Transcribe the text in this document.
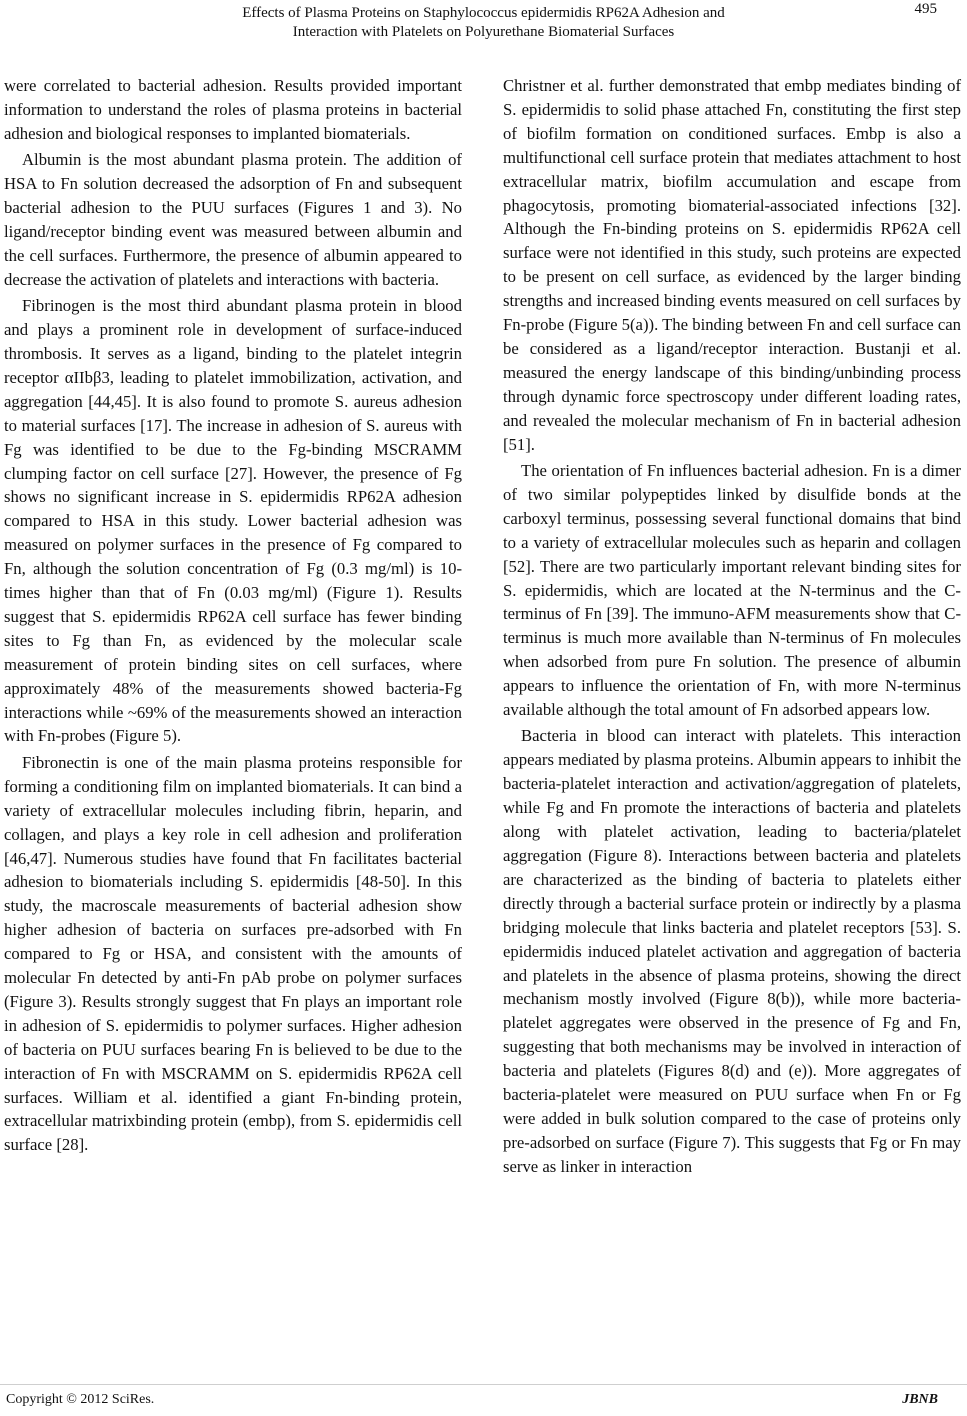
Effects of Plasma Proteins on Staphylococcus epidermidis RP62A Adhesion and
Interaction with Platelets on Polyurethane Biomaterial Surfaces
495

were correlated to bacterial adhesion. Results provided important information to understand the roles of plasma proteins in bacterial adhesion and biological responses to implanted biomaterials.

Albumin is the most abundant plasma protein. The addition of HSA to Fn solution decreased the adsorption of Fn and subsequent bacterial adhesion to the PUU surfaces (Figures 1 and 3). No ligand/receptor binding event was measured between albumin and the cell surfaces. Furthermore, the presence of albumin appeared to decrease the activation of platelets and interactions with bacteria.

Fibrinogen is the most third abundant plasma protein in blood and plays a prominent role in development of surface-induced thrombosis. It serves as a ligand, binding to the platelet integrin receptor αIIbβ3, leading to platelet immobilization, activation, and aggregation [44,45]. It is also found to promote S. aureus adhesion to material surfaces [17]. The increase in adhesion of S. aureus with Fg was identified to be due to the Fg-binding MSCRAMM clumping factor on cell surface [27]. However, the presence of Fg shows no significant increase in S. epidermidis RP62A adhesion compared to HSA in this study. Lower bacterial adhesion was measured on polymer surfaces in the presence of Fg compared to Fn, although the solution concentration of Fg (0.3 mg/ml) is 10-times higher than that of Fn (0.03 mg/ml) (Figure 1). Results suggest that S. epidermidis RP62A cell surface has fewer binding sites to Fg than Fn, as evidenced by the molecular scale measurement of protein binding sites on cell surfaces, where approximately 48% of the measurements showed bacteria-Fg interactions while ~69% of the measurements showed an interaction with Fn-probes (Figure 5).

Fibronectin is one of the main plasma proteins responsible for forming a conditioning film on implanted biomaterials. It can bind a variety of extracellular molecules including fibrin, heparin, and collagen, and plays a key role in cell adhesion and proliferation [46,47]. Numerous studies have found that Fn facilitates bacterial adhesion to biomaterials including S. epidermidis [48-50]. In this study, the macroscale measurements of bacterial adhesion show higher adhesion of bacteria on surfaces pre-adsorbed with Fn compared to Fg or HSA, and consistent with the amounts of molecular Fn detected by anti-Fn pAb probe on polymer surfaces (Figure 3). Results strongly suggest that Fn plays an important role in adhesion of S. epidermidis to polymer surfaces. Higher adhesion of bacteria on PUU surfaces bearing Fn is believed to be due to the interaction of Fn with MSCRAMM on S. epidermidis RP62A cell surfaces. William et al. identified a giant Fn-binding protein, extracellular matrixbinding protein (embp), from S. epidermidis cell surface [28].

Christner et al. further demonstrated that embp mediates binding of S. epidermidis to solid phase attached Fn, constituting the first step of biofilm formation on conditioned surfaces. Embp is also a multifunctional cell surface protein that mediates attachment to host extracellular matrix, biofilm accumulation and escape from phagocytosis, promoting biomaterial-associated infections [32]. Although the Fn-binding proteins on S. epidermidis RP62A cell surface were not identified in this study, such proteins are expected to be present on cell surface, as evidenced by the larger binding strengths and increased binding events measured on cell surfaces by Fn-probe (Figure 5(a)). The binding between Fn and cell surface can be considered as a ligand/receptor interaction. Bustanji et al. measured the energy landscape of this binding/unbinding process through dynamic force spectroscopy under different loading rates, and revealed the molecular mechanism of Fn in bacterial adhesion [51].

The orientation of Fn influences bacterial adhesion. Fn is a dimer of two similar polypeptides linked by disulfide bonds at the carboxyl terminus, possessing several functional domains that bind to a variety of extracellular molecules such as heparin and collagen [52]. There are two particularly important relevant binding sites for S. epidermidis, which are located at the N-terminus and the C-terminus of Fn [39]. The immuno-AFM measurements show that C-terminus is much more available than N-terminus of Fn molecules when adsorbed from pure Fn solution. The presence of albumin appears to influence the orientation of Fn, with more N-terminus available although the total amount of Fn adsorbed appears low.

Bacteria in blood can interact with platelets. This interaction appears mediated by plasma proteins. Albumin appears to inhibit the bacteria-platelet interaction and activation/aggregation of platelets, while Fg and Fn promote the interactions of bacteria and platelets along with platelet activation, leading to bacteria/platelet aggregation (Figure 8). Interactions between bacteria and platelets are characterized as the binding of bacteria to platelets either directly through a bacterial surface protein or indirectly by a plasma bridging molecule that links bacteria and platelet receptors [53]. S. epidermidis induced platelet activation and aggregation of bacteria and platelets in the absence of plasma proteins, showing the direct mechanism mostly involved (Figure 8(b)), while more bacteria-platelet aggregates were observed in the presence of Fg and Fn, suggesting that both mechanisms may be involved in interaction of bacteria and platelets (Figures 8(d) and (e)). More aggregates of bacteria-platelet were measured on PUU surface when Fn or Fg were added in bulk solution compared to the case of proteins only pre-adsorbed on surface (Figure 7). This suggests that Fg or Fn may serve as linker in interaction

Copyright © 2012 SciRes.	JBNB
